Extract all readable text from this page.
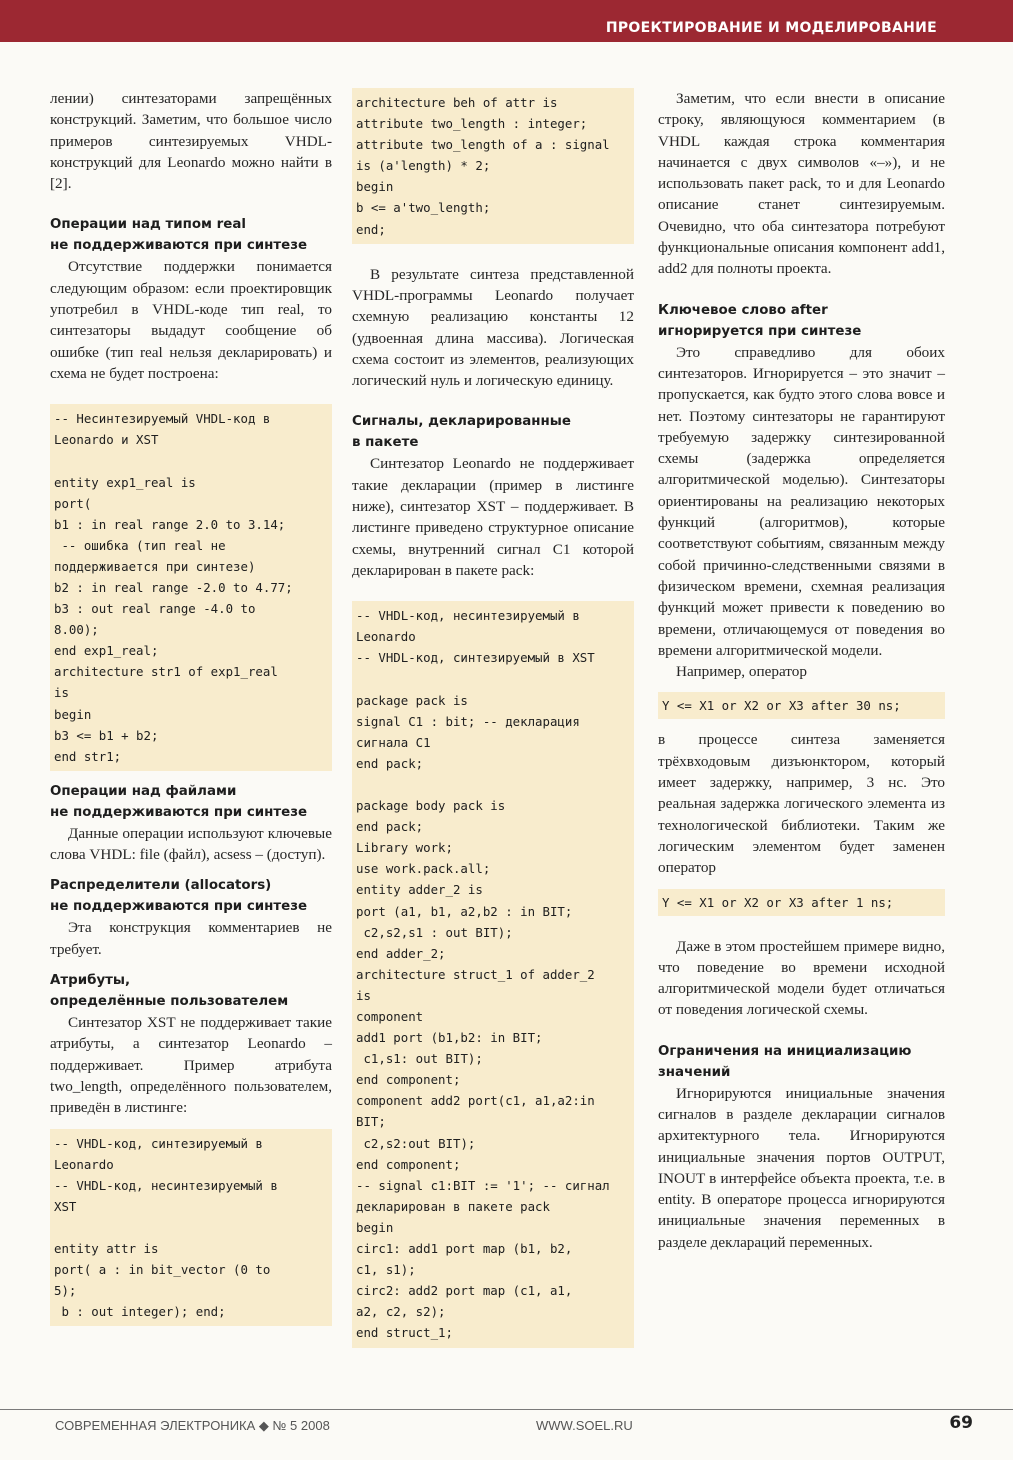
ПРОЕКТИРОВАНИЕ И МОДЕЛИРОВАНИЕ

лении) синтезаторами запрещённых конструкций. Заметим, что большое число примеров синтезируемых VHDL-конструкций для Leonardo можно найти в [2].

Операции над типом real
не поддерживаются при синтезе

Отсутствие поддержки понимается следующим образом: если проектировщик употребил в VHDL-коде тип real, то синтезаторы выдадут сообщение об ошибке (тип real нельзя декларировать) и схема не будет построена:

-- Несинтезируемый VHDL-код в
Leonardo и XST

entity exp1_real is
port(
b1 : in real range 2.0 to 3.14;
-- ошибка (тип real не поддерживается при синтезе)
b2 : in real range -2.0 to 4.77;
b3 : out real range -4.0 to
8.00);
end exp1_real;
architecture str1 of exp1_real
is
begin
b3 <= b1 + b2;
end str1;

Операции над файлами
не поддерживаются при синтезе

Данные операции используют ключевые слова VHDL: file (файл), acsess – (доступ).

Распределители (allocators)
не поддерживаются при синтезе

Эта конструкция комментариев не требует.

Атрибуты,
определённые пользователем

Синтезатор XST не поддерживает такие атрибуты, а синтезатор Leonardo – поддерживает. Пример атрибута two_length, определённого пользователем, приведён в листинге:

-- VHDL-код, синтезируемый в
Leonardo
-- VHDL-код, несинтезируемый в
XST

entity attr is
port( a : in bit_vector (0 to
5);
b : out integer); end;
architecture beh of attr is
attribute two_length : integer;
attribute two_length of a : signal is (a'length) * 2;
begin
b <= a'two_length;
end;

В результате синтеза представленной VHDL-программы Leonardo получает схемную реализацию константы 12 (удвоенная длина массива). Логическая схема состоит из элементов, реализующих логический нуль и логическую единицу.

Сигналы, декларированные
в пакете

Синтезатор Leonardo не поддерживает такие декларации (пример в листинге ниже), синтезатор XST – поддерживает. В листинге приведено структурное описание схемы, внутренний сигнал C1 которой декларирован в пакете pack:

-- VHDL-код, несинтезируемый в
Leonardo
-- VHDL-код, синтезируемый в XST

package pack is
signal C1 : bit; -- декларация
сигнала C1
end pack;

package body pack is
end pack;
Library work;
use work.pack.all;
entity adder_2 is
port (a1, b1, a2,b2 : in BIT;
c2,s2,s1 : out BIT);
end adder_2;
architecture struct_1 of adder_2
is
component
add1 port (b1,b2: in BIT;
c1,s1: out BIT);
end component;
component add2 port(c1, a1,a2:in
BIT;
c2,s2:out BIT);
end component;
-- signal c1:BIT := '1'; -- сигнал
декларирован в пакете pack
begin
circ1: add1 port map (b1, b2,
c1, s1);
circ2: add2 port map (c1, a1,
a2, c2, s2);
end struct_1;

Заметим, что если внести в описание строку, являющуюся комментарием (в VHDL каждая строка комментария начинается с двух символов «–»), и не использовать пакет pack, то и для Leonardo описание станет синтезируемым. Очевидно, что оба синтезатора потребуют функциональные описания компонент add1, add2 для полноты проекта.

Ключевое слово after
игнорируется при синтезе

Это справедливо для обоих синтезаторов. Игнорируется – это значит – пропускается, как будто этого слова вовсе и нет. Поэтому синтезаторы не гарантируют требуемую задержку синтезированной схемы (задержка определяется алгоритмической моделью). Синтезаторы ориентированы на реализацию некоторых функций (алгоритмов), которые соответствуют событиям, связанным между собой причинно-следственными связями в физическом времени, схемная реализация функций может привести к поведению во времени, отличающемуся от поведения во времени алгоритмической модели.

Например, оператор

Y <= X1 or X2 or X3 after 30 ns;

в процессе синтеза заменяется трёхвходовым дизъюнктором, который имеет задержку, например, 3 нс. Это реальная задержка логического элемента из технологической библиотеки. Таким же логическим элементом будет заменен оператор

Y <= X1 or X2 or X3 after 1 ns;

Даже в этом простейшем примере видно, что поведение во времени исходной алгоритмической модели будет отличаться от поведения логической схемы.

Ограничения на инициализацию
значений

Игнорируются инициальные значения сигналов в разделе декларации сигналов архитектурного тела. Игнорируются инициальные значения портов OUTPUT, INOUT в интерфейсе объекта проекта, т.е. в entity. В операторе процесса игнорируются инициальные значения переменных в разделе деклараций переменных.

СОВРЕМЕННАЯ ЭЛЕКТРОНИКА ◆ № 5 2008	WWW.SOEL.RU	69
